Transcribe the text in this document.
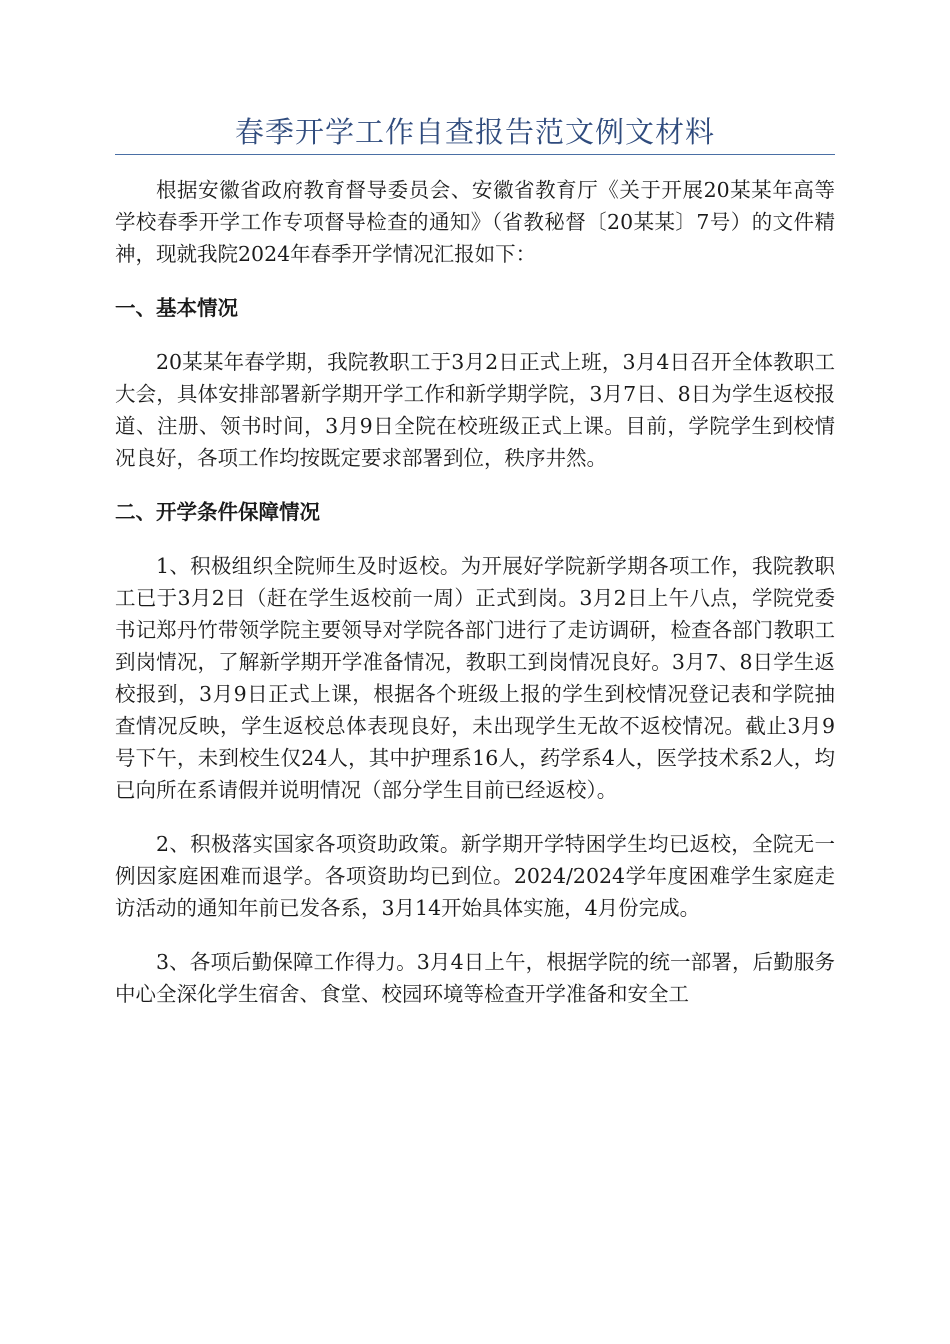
春季开学工作自查报告范文例文材料

根据安徽省政府教育督导委员会、安徽省教育厅《关于开展20某某年高等学校春季开学工作专项督导检查的通知》（省教秘督〔20某某〕7号）的文件精神，现就我院2024年春季开学情况汇报如下：

一、基本情况

20某某年春学期，我院教职工于3月2日正式上班，3月4日召开全体教职工大会，具体安排部署新学期开学工作和新学期学院，3月7日、8日为学生返校报道、注册、领书时间，3月9日全院在校班级正式上课。目前，学院学生到校情况良好，各项工作均按既定要求部署到位，秩序井然。

二、开学条件保障情况

1、积极组织全院师生及时返校。为开展好学院新学期各项工作，我院教职工已于3月2日（赶在学生返校前一周）正式到岗。3月2日上午八点，学院党委书记郑丹竹带领学院主要领导对学院各部门进行了走访调研，检查各部门教职工到岗情况，了解新学期开学准备情况，教职工到岗情况良好。3月7、8日学生返校报到，3月9日正式上课，根据各个班级上报的学生到校情况登记表和学院抽查情况反映，学生返校总体表现良好，未出现学生无故不返校情况。截止3月9号下午，未到校生仅24人，其中护理系16人，药学系4人，医学技术系2人，均已向所在系请假并说明情况（部分学生目前已经返校）。

2、积极落实国家各项资助政策。新学期开学特困学生均已返校，全院无一例因家庭困难而退学。各项资助均已到位。2024/2024学年度困难学生家庭走访活动的通知年前已发各系，3月14开始具体实施，4月份完成。

3、各项后勤保障工作得力。3月4日上午，根据学院的统一部署，后勤服务中心全深化学生宿舍、食堂、校园环境等检查开学准备和安全工
